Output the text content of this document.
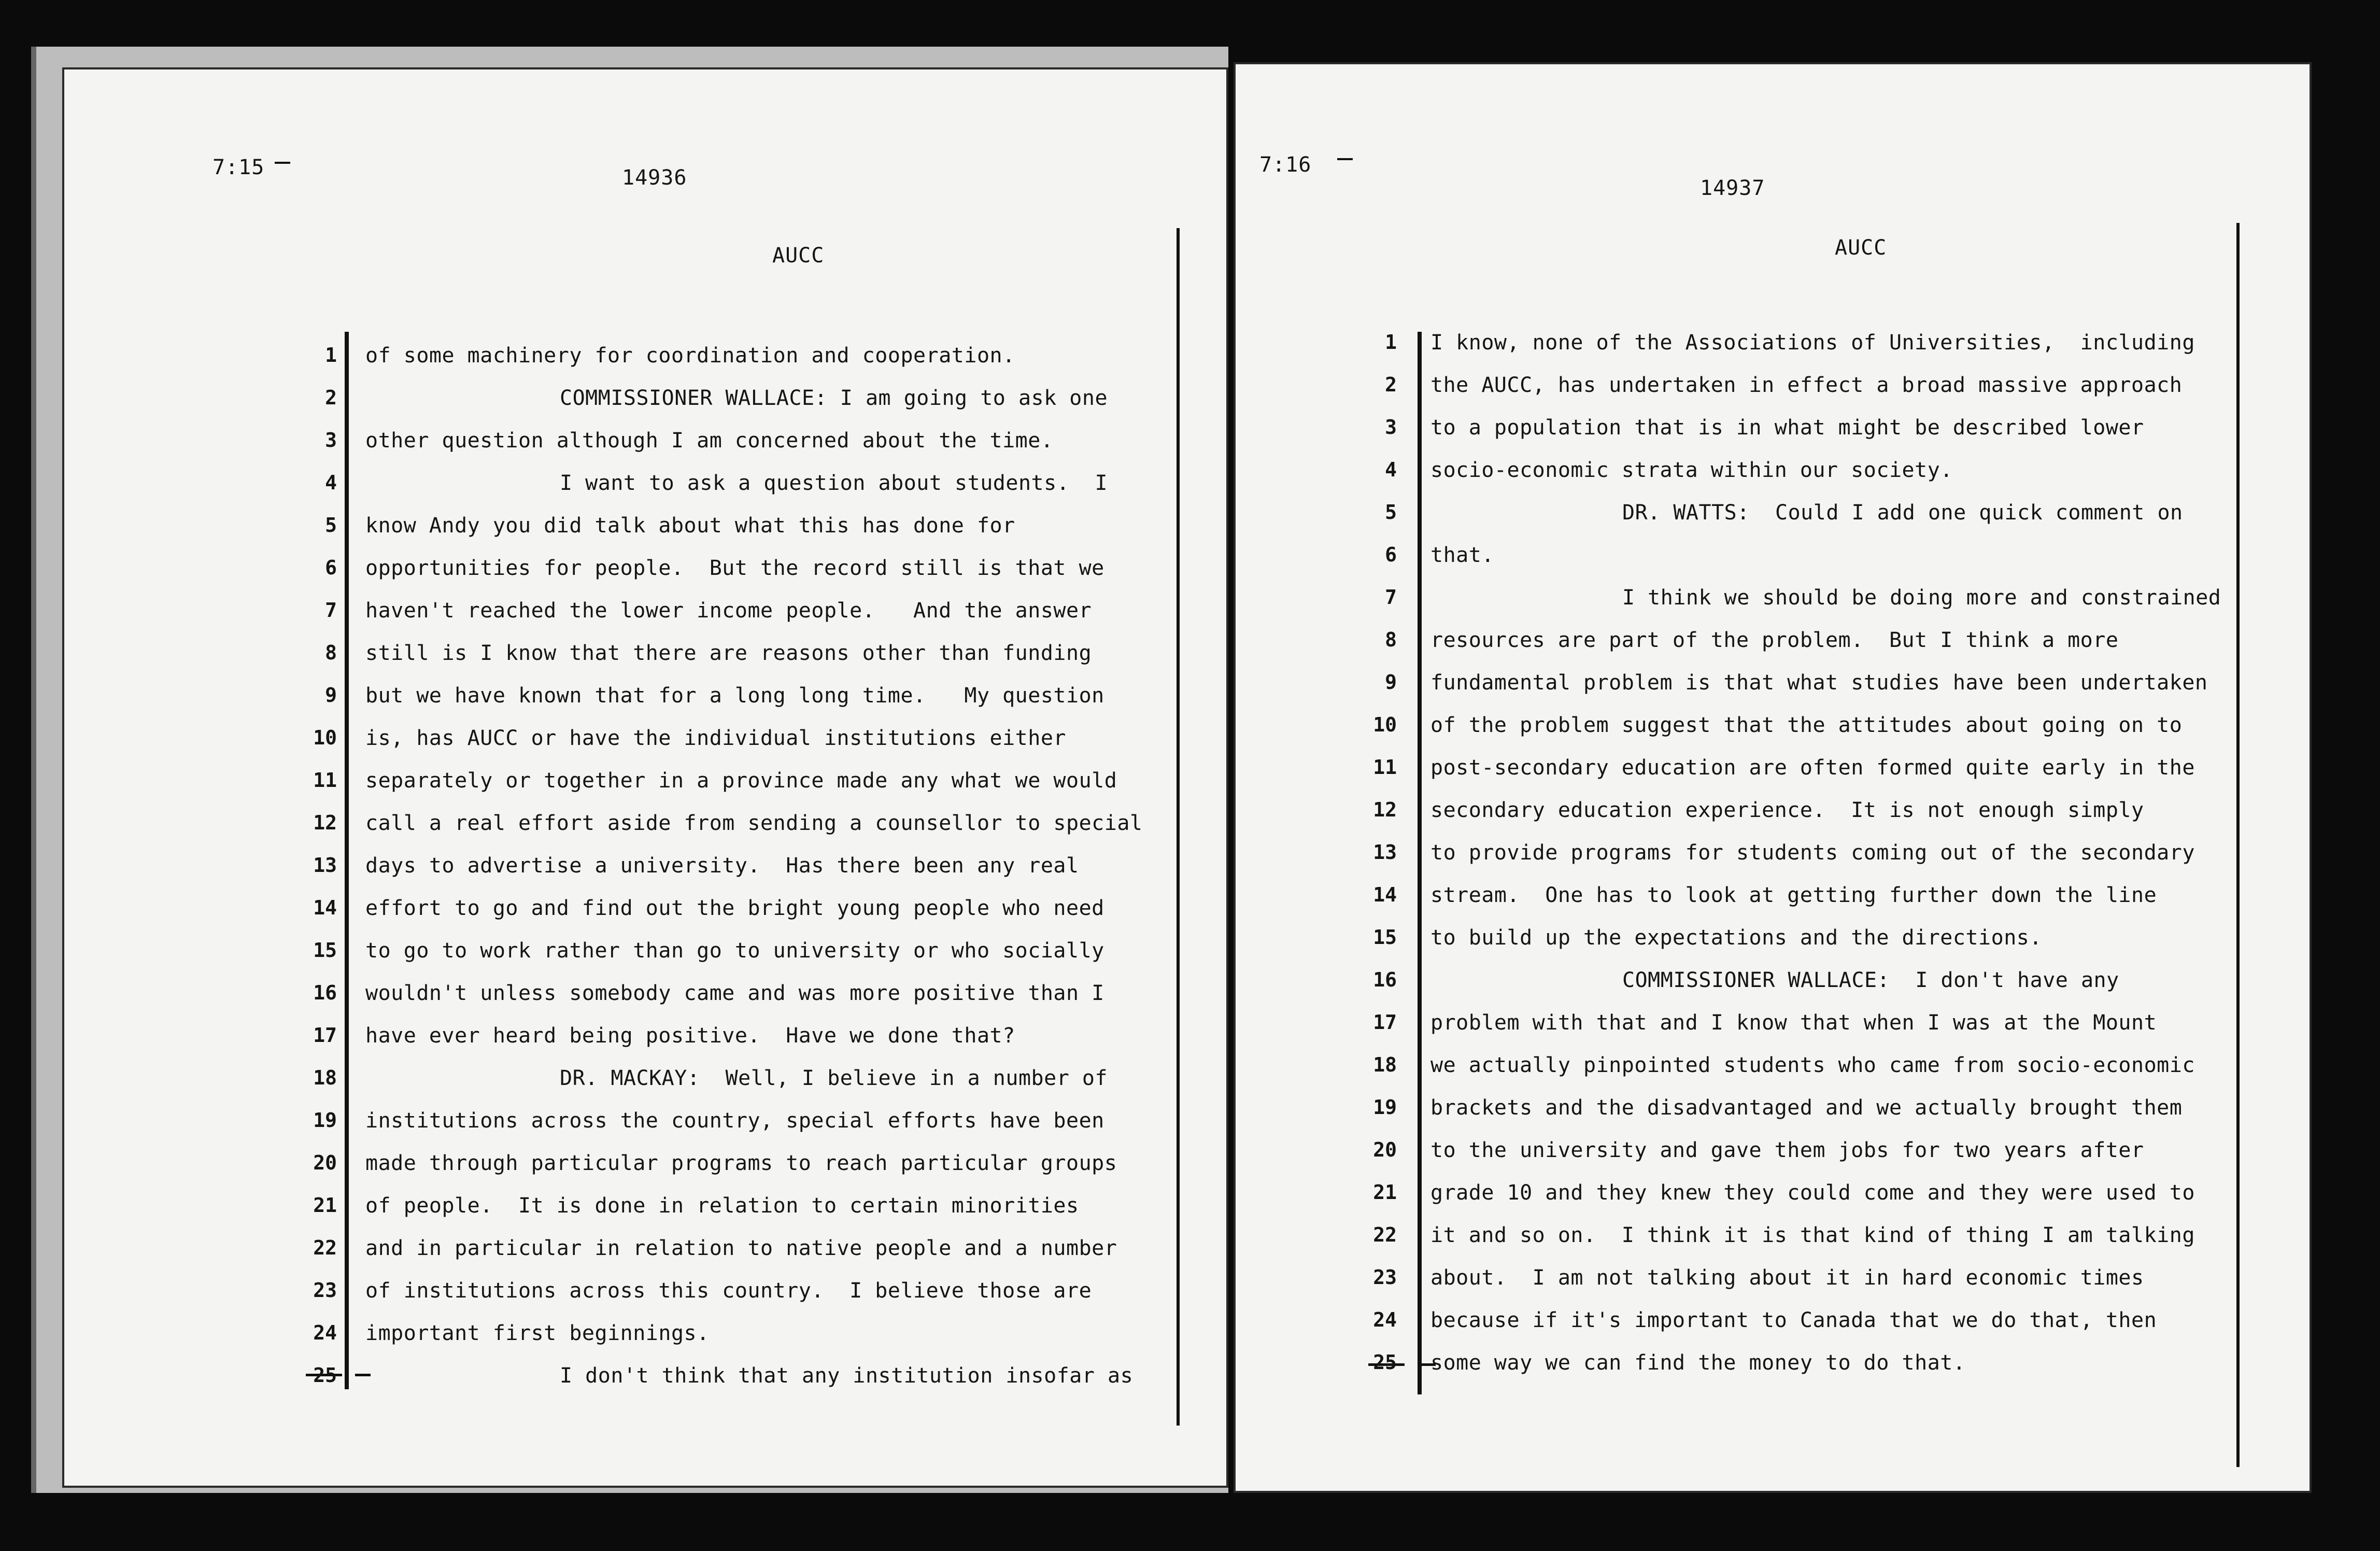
7:15	14936
AUCC
1 of some machinery for coordination and cooperation.
2	COMMISSIONER WALLACE: I am going to ask one
3 other question although I am concerned about the time.
4	I want to ask a question about students.  I
5 know Andy you did talk about what this has done for
6 opportunities for people.  But the record still is that we
7 haven't reached the lower income people.   And the answer
8 still is I know that there are reasons other than funding
9 but we have known that for a long long time.   My question
10 is, has AUCC or have the individual institutions either
11 separately or together in a province made any what we would
12 call a real effort aside from sending a counsellor to special
13 days to advertise a university.  Has there been any real
14 effort to go and find out the bright young people who need
15 to go to work rather than go to university or who socially
16 wouldn't unless somebody came and was more positive than I
17 have ever heard being positive.  Have we done that?
18	DR. MACKAY:  Well, I believe in a number of
19 institutions across the country, special efforts have been
20 made through particular programs to reach particular groups
21 of people.  It is done in relation to certain minorities
22 and in particular in relation to native people and a number
23 of institutions across this country.  I believe those are
24 important first beginnings.
25	I don't think that any institution insofar as
7:16
14937
AUCC
1 I know, none of the Associations of Universities,  including
2 the AUCC, has undertaken in effect a broad massive approach
3 to a population that is in what might be described lower
4 socio-economic strata within our society.
5	DR. WATTS:  Could I add one quick comment on
6 that.
7	I think we should be doing more and constrained
8 resources are part of the problem.  But I think a more
9 fundamental problem is that what studies have been undertaken
10 of the problem suggest that the attitudes about going on to
11 post-secondary education are often formed quite early in the
12 secondary education experience.  It is not enough simply
13 to provide programs for students coming out of the secondary
14 stream.  One has to look at getting further down the line
15 to build up the expectations and the directions.
16	COMMISSIONER WALLACE:  I don't have any
17 problem with that and I know that when I was at the Mount
18 we actually pinpointed students who came from socio-economic
19 brackets and the disadvantaged and we actually brought them
20 to the university and gave them jobs for two years after
21 grade 10 and they knew they could come and they were used to
22 it and so on.  I think it is that kind of thing I am talking
23 about.  I am not talking about it in hard economic times
24 because if it's important to Canada that we do that, then
25 some way we can find the money to do that.
